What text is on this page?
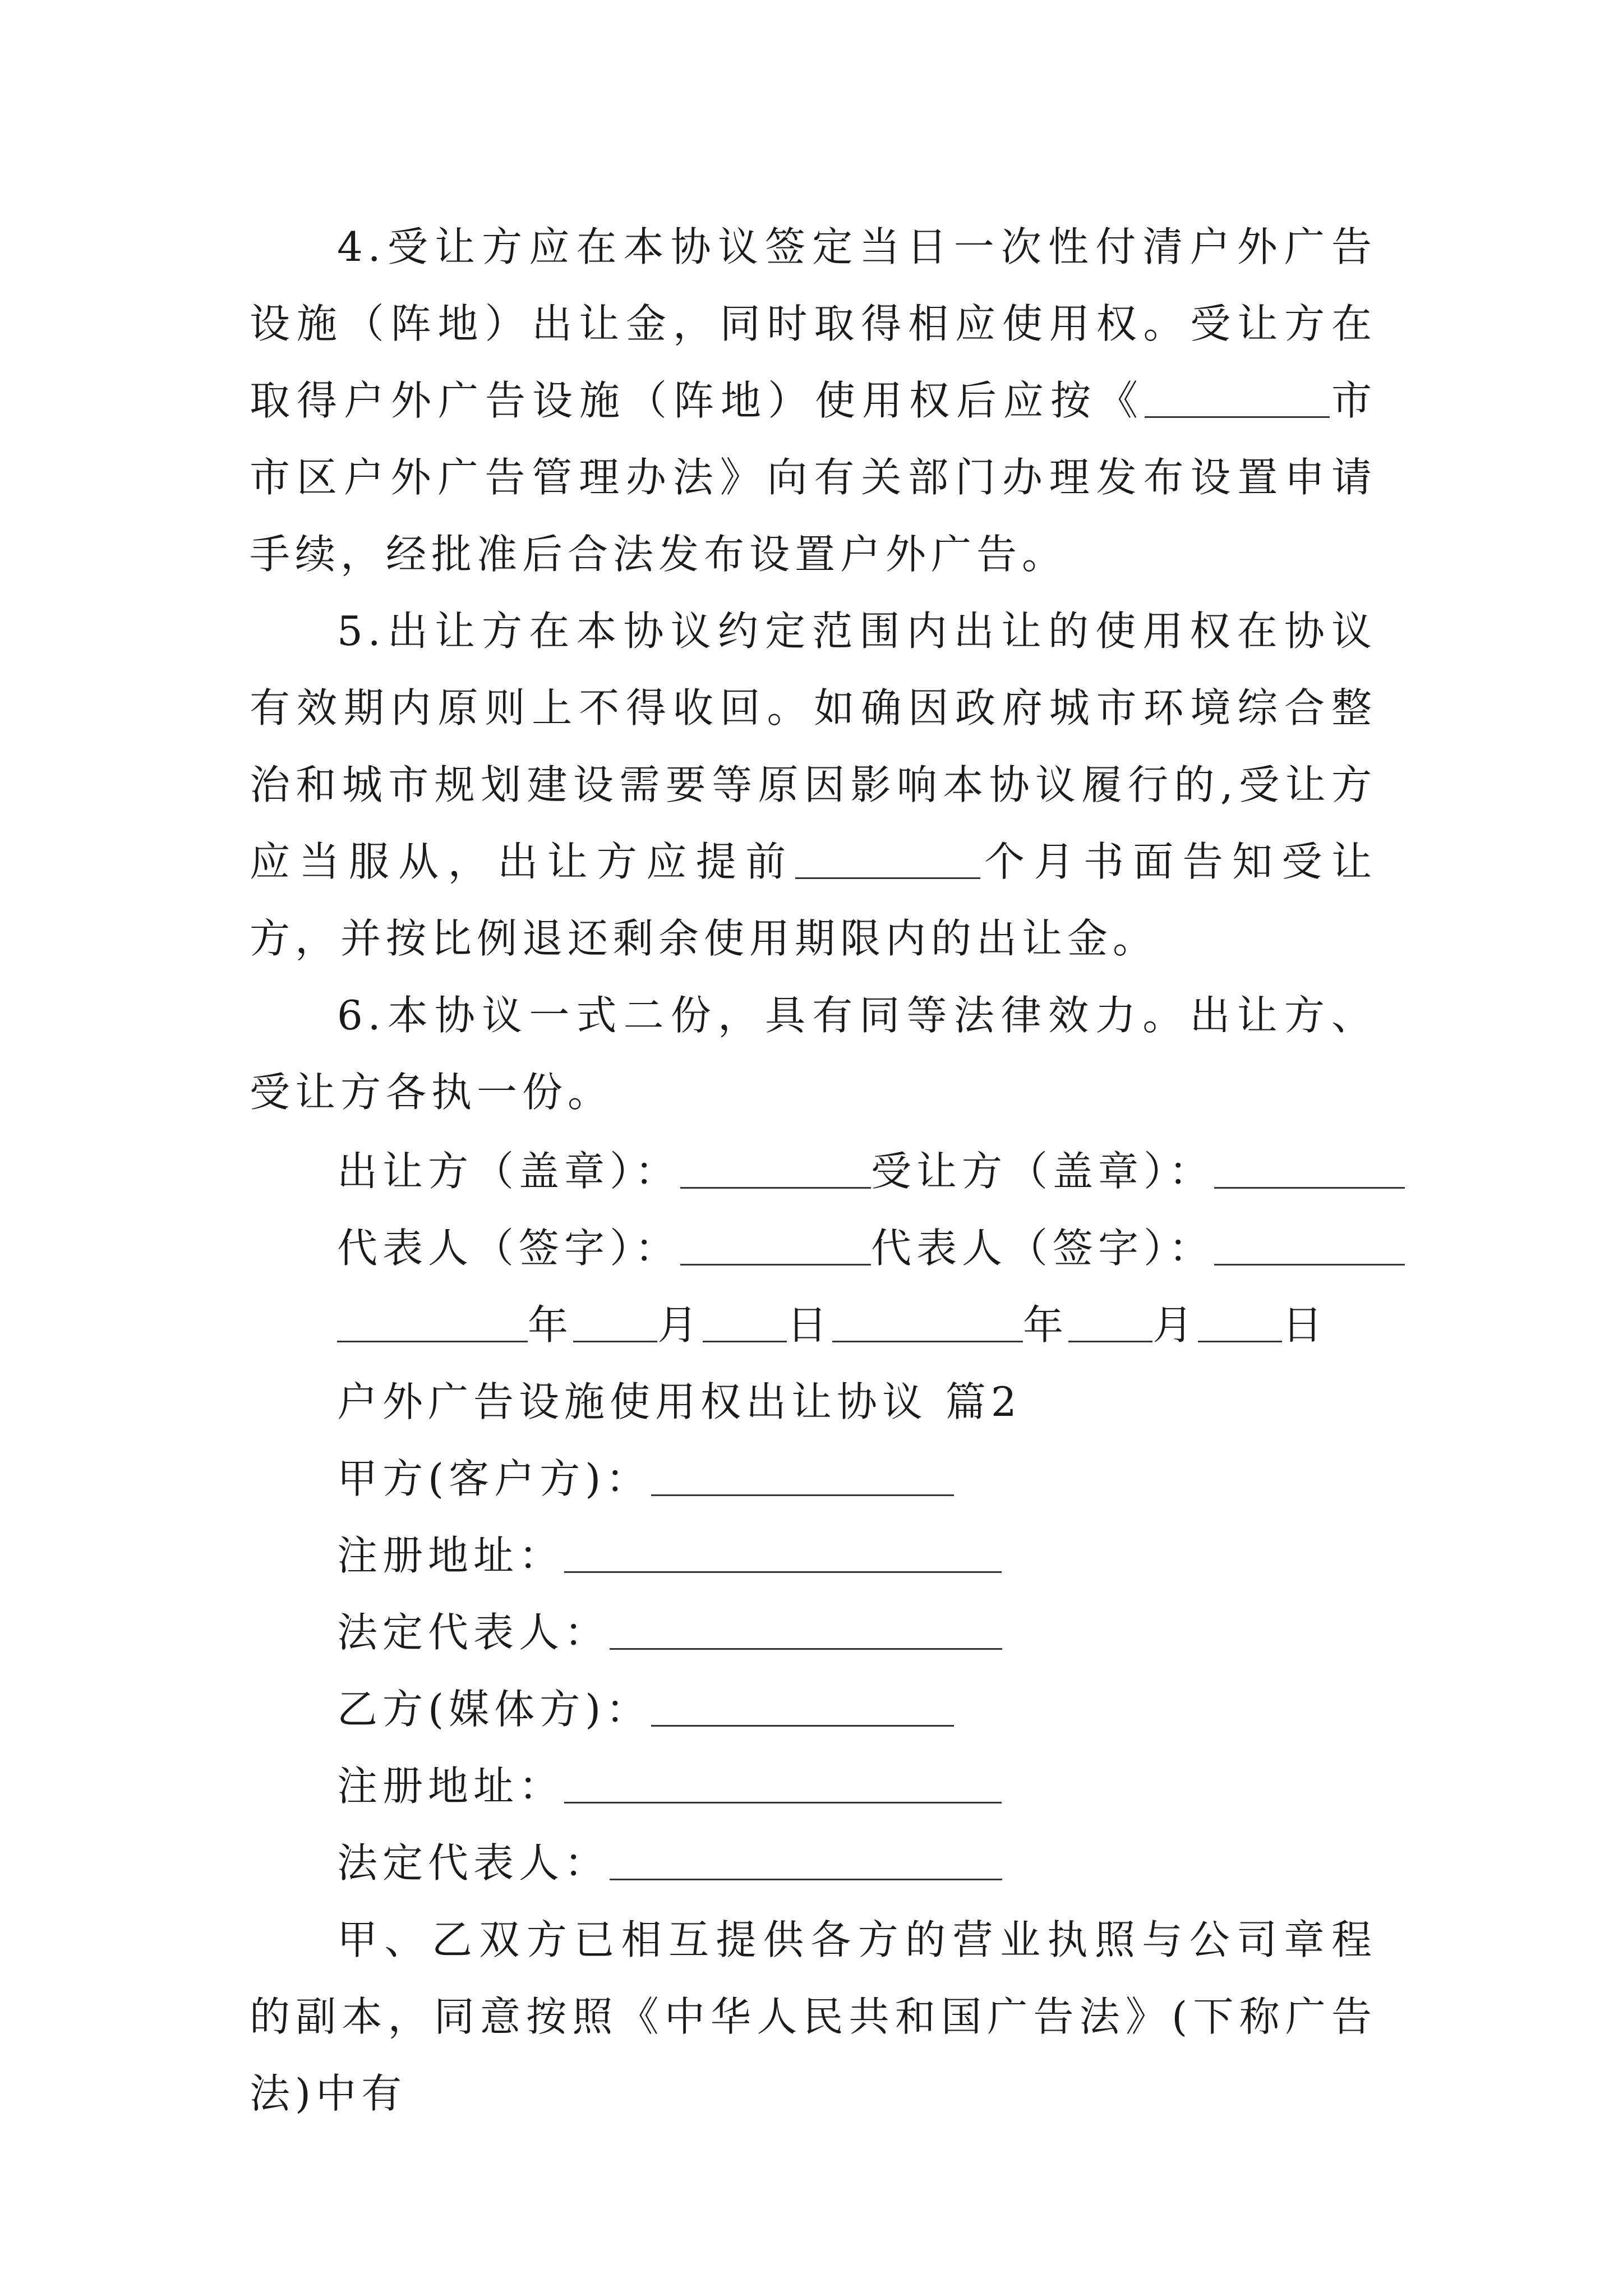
4.受让方应在本协议签定当日一次性付清户外广告设施（阵地）出让金，同时取得相应使用权。受让方在取得户外广告设施（阵地）使用权后应按《	市市区户外广告管理办法》向有关部门办理发布设置申请手续，经批准后合法发布设置户外广告。

5.出让方在本协议约定范围内出让的使用权在协议有效期内原则上不得收回。如确因政府城市环境综合整治和城市规划建设需要等原因影响本协议履行的,受让方应当服从，出让方应提前	个月书面告知受让方，并按比例退还剩余使用期限内的出让金。

6.本协议一式二份，具有同等法律效力。出让方、受让方各执一份。

出让方（盖章）：	受让方（盖章）：
代表人（签字）：	代表人（签字）：
年 月 日	年 月 日
户外广告设施使用权出让协议 篇2
甲方(客户方)：
注册地址：
法定代表人：
乙方(媒体方)：
注册地址：
法定代表人：

甲、乙双方已相互提供各方的营业执照与公司章程的副本，同意按照《中华人民共和国广告法》(下称广告法)中有
